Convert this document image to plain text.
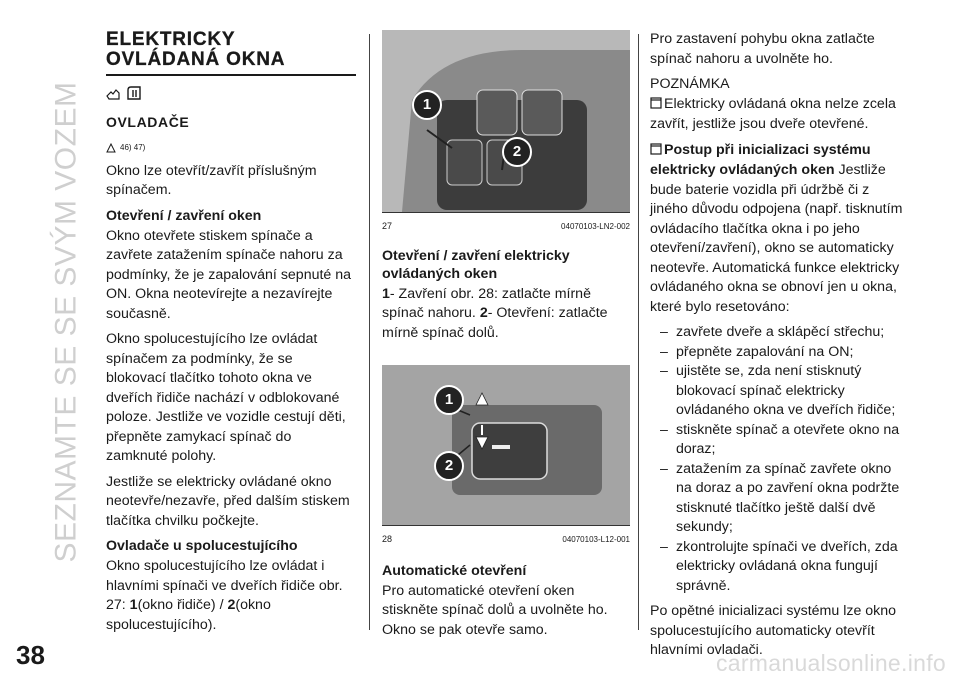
SEZNAMTE SE SE SVÝM VOZEM
38	carmanualsonline.info
ELEKTRICKY
OVLÁDANÁ OKNA

OVLADAČE
46) 47)

Okno lze otevřít/zavřít příslušným spínačem.

Otevření / zavření oken

Okno otevřete stiskem spínače a zavřete zatažením spínače nahoru za podmínky, že je zapalování sepnuté na ON. Okna neotevírejte a nezavírejte současně.

Okno spolucestujícího lze ovládat spínačem za podmínky, že se blokovací tlačítko tohoto okna ve dveřích řidiče nachází v odblokované poloze. Jestliže ve vozidle cestují děti, přepněte zamykací spínač do zamknuté polohy.

Jestliže se elektricky ovládané okno neotevře/nezavře, před dalším stiskem tlačítka chvilku počkejte.

Ovladače u spolucestujícího

Okno spolucestujícího lze ovládat i hlavními spínači ve dveřích řidiče obr. 27: 1(okno řidiče) / 2(okno spolucestujícího).

1
2
27	04070103-LN2-002
Otevření / zavření elektricky ovládaných oken

1- Zavření obr. 28: zatlačte mírně spínač nahoru. 2- Otevření: zatlačte mírně spínač dolů.

1
2
28	04070103-L12-001
Automatické otevření

Pro automatické otevření oken stiskněte spínač dolů a uvolněte ho. Okno se pak otevře samo.

Pro zastavení pohybu okna zatlačte spínač nahoru a uvolněte ho.

POZNÁMKA

Elektricky ovládaná okna nelze zcela zavřít, jestliže jsou dveře otevřené.

Postup při inicializaci systému elektricky ovládaných oken Jestliže bude baterie vozidla při údržbě či z jiného důvodu odpojena (např. tisknutím ovládacího tlačítka okna i po jeho otevření/zavření), okno se automaticky neotevře. Automatická funkce elektricky ovládaného okna se obnoví jen u okna, které bylo resetováno:

– zavřete dveře a sklápěcí střechu;
– přepněte zapalování na ON;
– ujistěte se, zda není stisknutý blokovací spínač elektricky ovládaného okna ve dveřích řidiče;
– stiskněte spínač a otevřete okno na doraz;
– zatažením za spínač zavřete okno na doraz a po zavření okna podržte stisknuté tlačítko ještě další dvě sekundy;
– zkontrolujte spínači ve dveřích, zda elektricky ovládaná okna fungují správně.

Po opětné inicializaci systému lze okno spolucestujícího automaticky otevřít hlavními ovladači.
